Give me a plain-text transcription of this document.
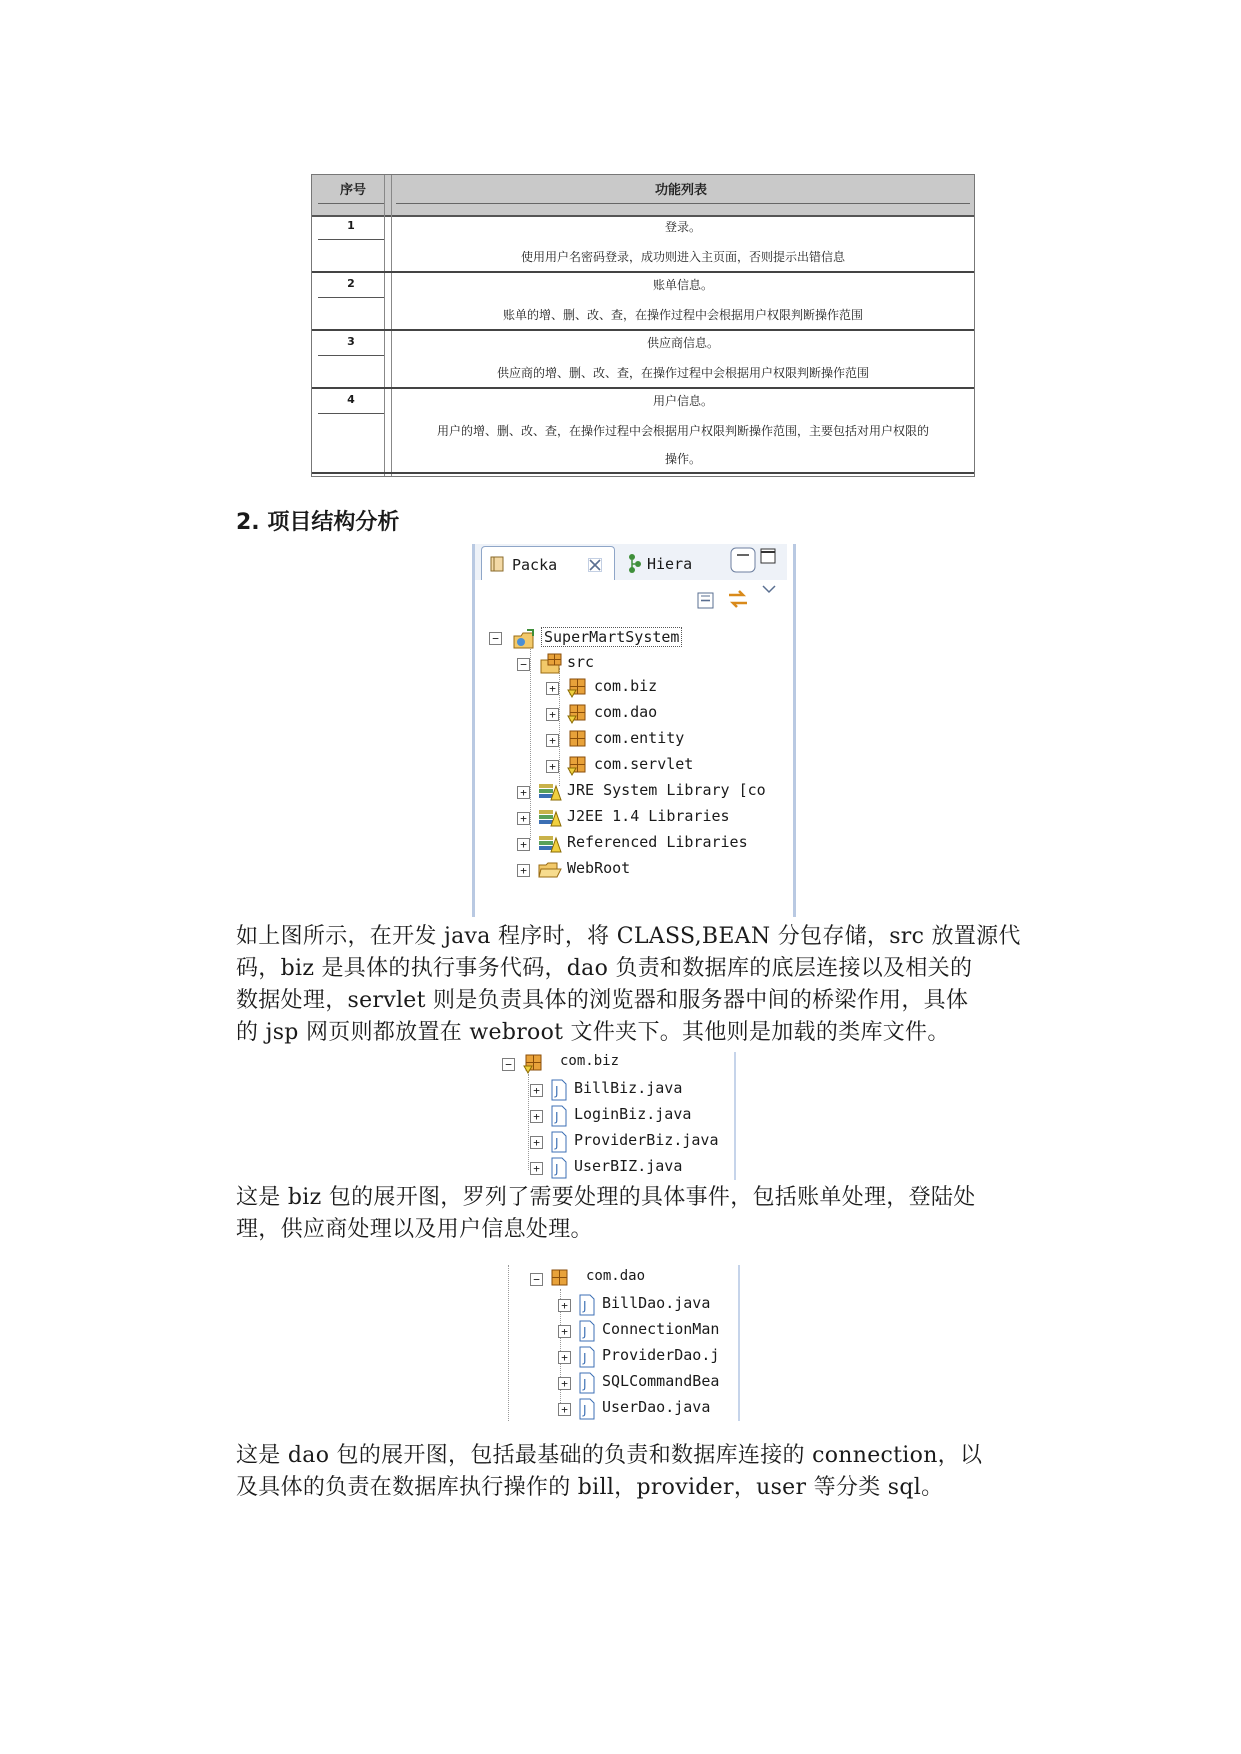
序号	功能列表
1	登录。
使用用户名密码登录，成功则进入主页面，否则提示出错信息
2	账单信息。
账单的增、删、改、查，在操作过程中会根据用户权限判断操作范围
3	供应商信息。
供应商的增、删、改、查，在操作过程中会根据用户权限判断操作范围
4	用户信息。
用户的增、删、改、查，在操作过程中会根据用户权限判断操作范围，主要包括对用户权限的
操作。
2. 项目结构分析
Packa	Hiera
−	SuperMartSystem
−	src
+	com.biz
+	com.dao
+	com.entity
+	com.servlet
+	JRE System Library [co
+	J2EE 1.4 Libraries
+	Referenced Libraries
+	WebRoot
如上图所示，在开发 java 程序时，将 CLASS,BEAN 分包存储，src 放置源代
码，biz 是具体的执行事务代码，dao 负责和数据库的底层连接以及相关的
数据处理，servlet 则是负责具体的浏览器和服务器中间的桥梁作用，具体
的 jsp 网页则都放置在 webroot 文件夹下。其他则是加载的类库文件。
−	com.biz
+ J BillBiz.java
+ J LoginBiz.java
+ J ProviderBiz.java
+ J UserBIZ.java
这是 biz 包的展开图，罗列了需要处理的具体事件，包括账单处理，登陆处
理，供应商处理以及用户信息处理。
−	com.dao
+ J BillDao.java
+ J ConnectionMan
+ J ProviderDao.j
+ J SQLCommandBea
+ J UserDao.java
这是 dao 包的展开图，包括最基础的负责和数据库连接的 connection，以
及具体的负责在数据库执行操作的 bill，provider，user 等分类 sql。
